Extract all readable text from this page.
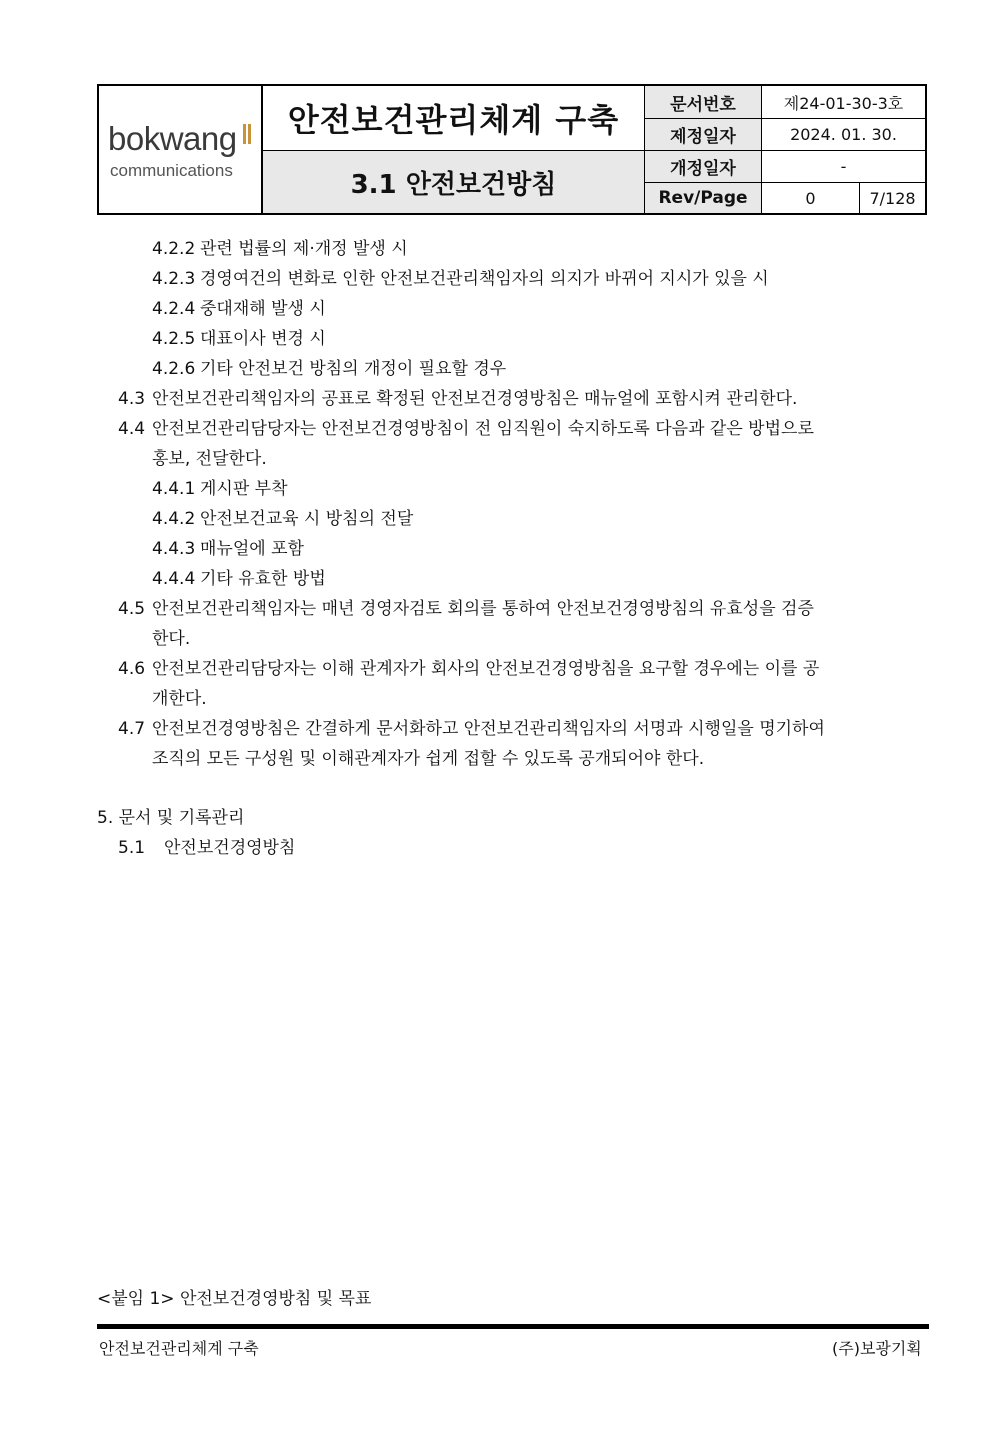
bokwang
communications
안전보건관리체계 구축
3.1 안전보건방침
문서번호	제24-01-30-3호
제정일자	2024. 01. 30.
개정일자	-
Rev/Page	0	7/128
4.2.2 관련 법률의 제·개정 발생 시
4.2.3 경영여건의 변화로 인한 안전보건관리책임자의 의지가 바뀌어 지시가 있을 시
4.2.4 중대재해 발생 시
4.2.5 대표이사 변경 시
4.2.6 기타 안전보건 방침의 개정이 필요할 경우
4.3 안전보건관리책임자의 공표로 확정된 안전보건경영방침은 매뉴얼에 포함시켜 관리한다.
4.4 안전보건관리담당자는 안전보건경영방침이 전 임직원이 숙지하도록 다음과 같은 방법으로
홍보, 전달한다.
4.4.1 게시판 부착
4.4.2 안전보건교육 시 방침의 전달
4.4.3 매뉴얼에 포함
4.4.4 기타 유효한 방법
4.5 안전보건관리책임자는 매년 경영자검토 회의를 통하여 안전보건경영방침의 유효성을 검증
한다.
4.6 안전보건관리담당자는 이해 관계자가 회사의 안전보건경영방침을 요구할 경우에는 이를 공
개한다.
4.7 안전보건경영방침은 간결하게 문서화하고 안전보건관리책임자의 서명과 시행일을 명기하여
조직의 모든 구성원 및 이해관계자가 쉽게 접할 수 있도록 공개되어야 한다.
5. 문서 및 기록관리
5.1 안전보건경영방침
<붙임 1> 안전보건경영방침 및 목표
안전보건관리체계 구축	(주)보광기획
